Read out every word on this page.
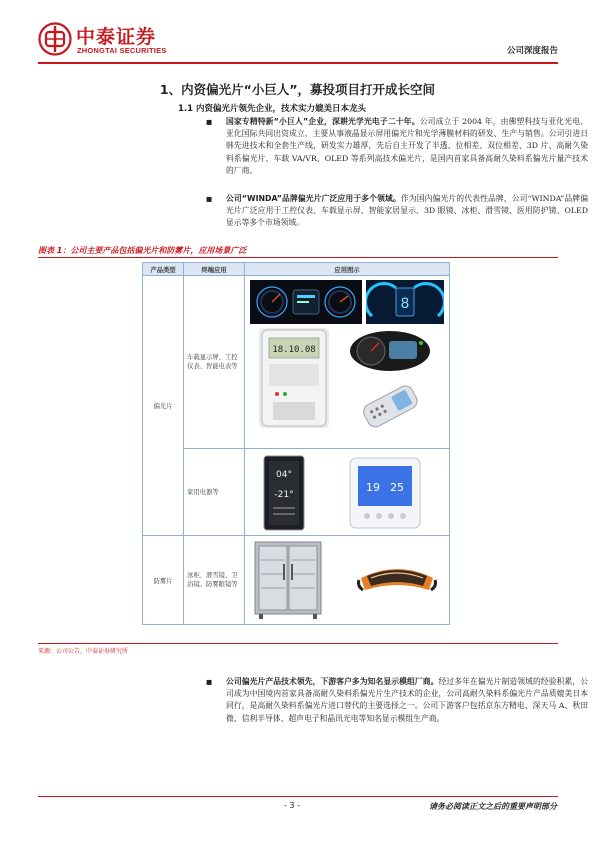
中泰证券
ZHONGTAI SECURITIES	公司深度报告
1、内资偏光片“小巨人”，募投项目打开成长空间
1.1 内资偏光片领先企业，技术实力媲美日本龙头
■ 国家专精特新“小巨人”企业，深耕光学光电子二十年。公司成立于 2004 年，由佛塑科技与亚化光电、亚化国际共同出资成立，主要从事液晶显示屏用偏光片和光学薄膜材料的研发、生产与销售。公司引进日韩先进技术和全套生产线，研发实力雄厚，先后自主开发了半透、位相差、双位相差、3D 片、高耐久染料系偏光片、车载 VA/VR、OLED 等系列高技术偏光片，是国内首家具备高耐久染料系偏光片量产技术的厂商。
■ 公司“WINDA”品牌偏光片广泛应用于多个领域。作为国内偏光片的代表性品牌，公司“WINDA”品牌偏光片广泛应用于工控仪表、车载显示屏、智能家居显示、3D 眼镜、冰柜、滑雪镜、医用防护镜、OLED 显示等多个市场领域。
图表 1：公司主要产品包括偏光片和防雾片，应用场景广泛
产品类型	终端应用	应用图示
偏光片	车载显示屏、工控仪表、智能电表等	8
18.10.08

	家用电器等	04°
-21°
19 25

防雾片	冰柜、滑雪镜、卫浴镜、防雾眼镜等	
来源：公司公告，中泰证券研究所
■ 公司偏光片产品技术领先，下游客户多为知名显示模组厂商。经过多年在偏光片制造领域的经验积累，公司成为中国境内首家具备高耐久染料系偏光片生产技术的企业，公司高耐久染料系偏光片产品质媲美日本同行，是高耐久染料系偏光片进口替代的主要选择之一。公司下游客户包括京东方精电、深天马 A、秋田微、信利半导体、超声电子和晶讯光电等知名显示模组生产商。
- 3 -	请务必阅读正文之后的重要声明部分
